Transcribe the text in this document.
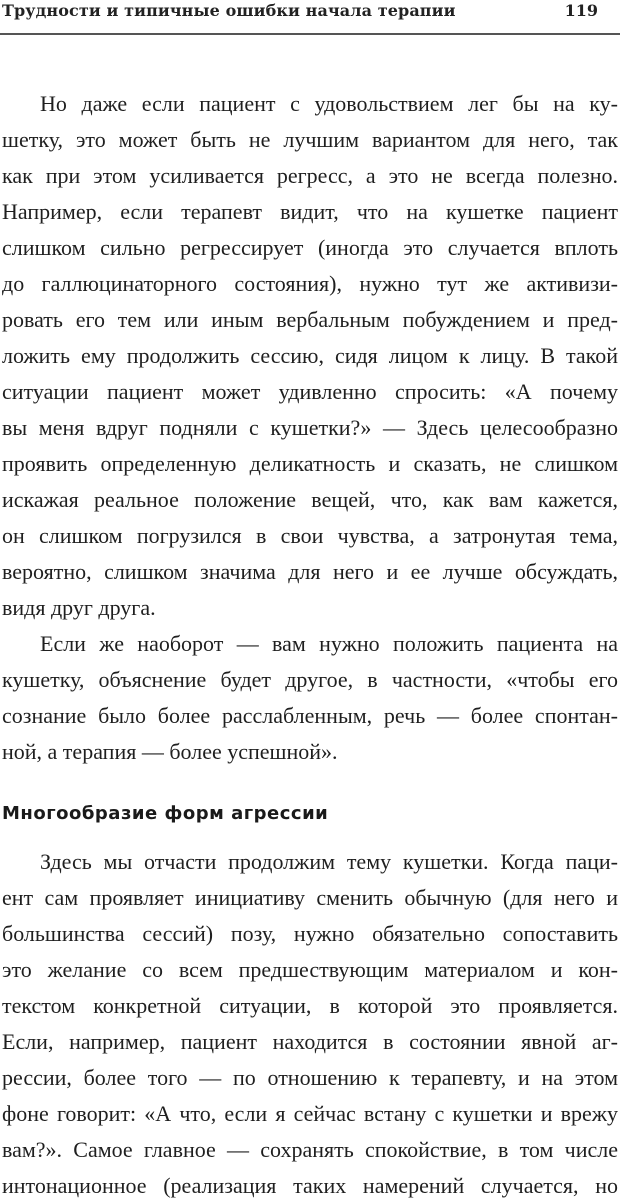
Трудности и типичные ошибки начала терапии	119
Но даже если пациент с удовольствием лег бы на ку-
шетку, это может быть не лучшим вариантом для него, так
как при этом усиливается регресс, а это не всегда полезно.
Например, если терапевт видит, что на кушетке пациент
слишком сильно регрессирует (иногда это случается вплоть
до галлюцинаторного состояния), нужно тут же активизи-
ровать его тем или иным вербальным побуждением и пред-
ложить ему продолжить сессию, сидя лицом к лицу. В такой
ситуации пациент может удивленно спросить: «А почему
вы меня вдруг подняли с кушетки?» — Здесь целесообразно
проявить определенную деликатность и сказать, не слишком
искажая реальное положение вещей, что, как вам кажется,
он слишком погрузился в свои чувства, а затронутая тема,
вероятно, слишком значима для него и ее лучше обсуждать,
видя друг друга.
Если же наоборот — вам нужно положить пациента на
кушетку, объяснение будет другое, в частности, «чтобы его
сознание было более расслабленным, речь — более спонтан-
ной, а терапия — более успешной».
Многообразие форм агрессии
Здесь мы отчасти продолжим тему кушетки. Когда паци-
ент сам проявляет инициативу сменить обычную (для него и
большинства сессий) позу, нужно обязательно сопоставить
это желание со всем предшествующим материалом и кон-
текстом конкретной ситуации, в которой это проявляется.
Если, например, пациент находится в состоянии явной аг-
рессии, более того — по отношению к терапевту, и на этом
фоне говорит: «А что, если я сейчас встану с кушетки и врежу
вам?». Самое главное — сохранять спокойствие, в том числе
интонационное (реализация таких намерений случается, но
